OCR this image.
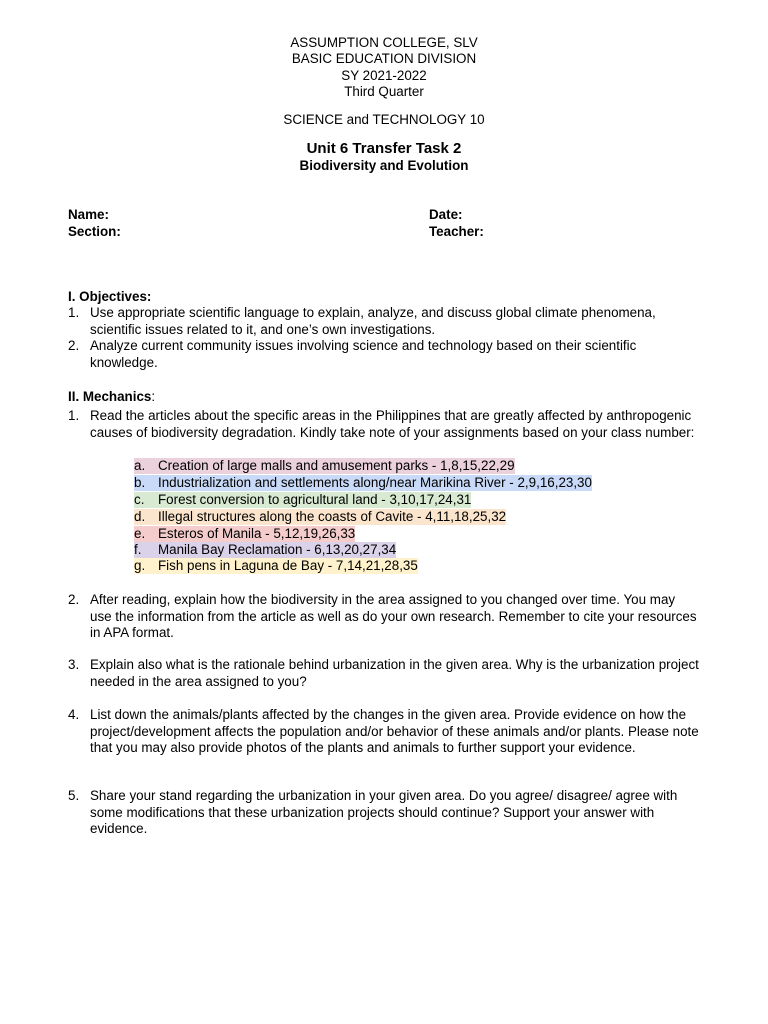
ASSUMPTION COLLEGE, SLV
BASIC EDUCATION DIVISION
SY 2021-2022
Third Quarter
SCIENCE and TECHNOLOGY 10
Unit 6 Transfer Task 2
Biodiversity and Evolution
Name:
Section:
Date:
Teacher:
I. Objectives:
1. Use appropriate scientific language to explain, analyze, and discuss global climate phenomena, scientific issues related to it, and one’s own investigations.
2. Analyze current community issues involving science and technology based on their scientific knowledge.
II. Mechanics:
1. Read the articles about the specific areas in the Philippines that are greatly affected by anthropogenic causes of biodiversity degradation. Kindly take note of your assignments based on your class number:
a. Creation of large malls and amusement parks - 1,8,15,22,29
b. Industrialization and settlements along/near Marikina River - 2,9,16,23,30
c. Forest conversion to agricultural land - 3,10,17,24,31
d. Illegal structures along the coasts of Cavite - 4,11,18,25,32
e. Esteros of Manila - 5,12,19,26,33
f. Manila Bay Reclamation - 6,13,20,27,34
g. Fish pens in Laguna de Bay - 7,14,21,28,35
2. After reading, explain how the biodiversity in the area assigned to you changed over time. You may use the information from the article as well as do your own research. Remember to cite your resources in APA format.
3. Explain also what is the rationale behind urbanization in the given area. Why is the urbanization project needed in the area assigned to you?
4. List down the animals/plants affected by the changes in the given area. Provide evidence on how the project/development affects the population and/or behavior of these animals and/or plants. Please note that you may also provide photos of the plants and animals to further support your evidence.
5. Share your stand regarding the urbanization in your given area. Do you agree/ disagree/ agree with some modifications that these urbanization projects should continue? Support your answer with evidence.
